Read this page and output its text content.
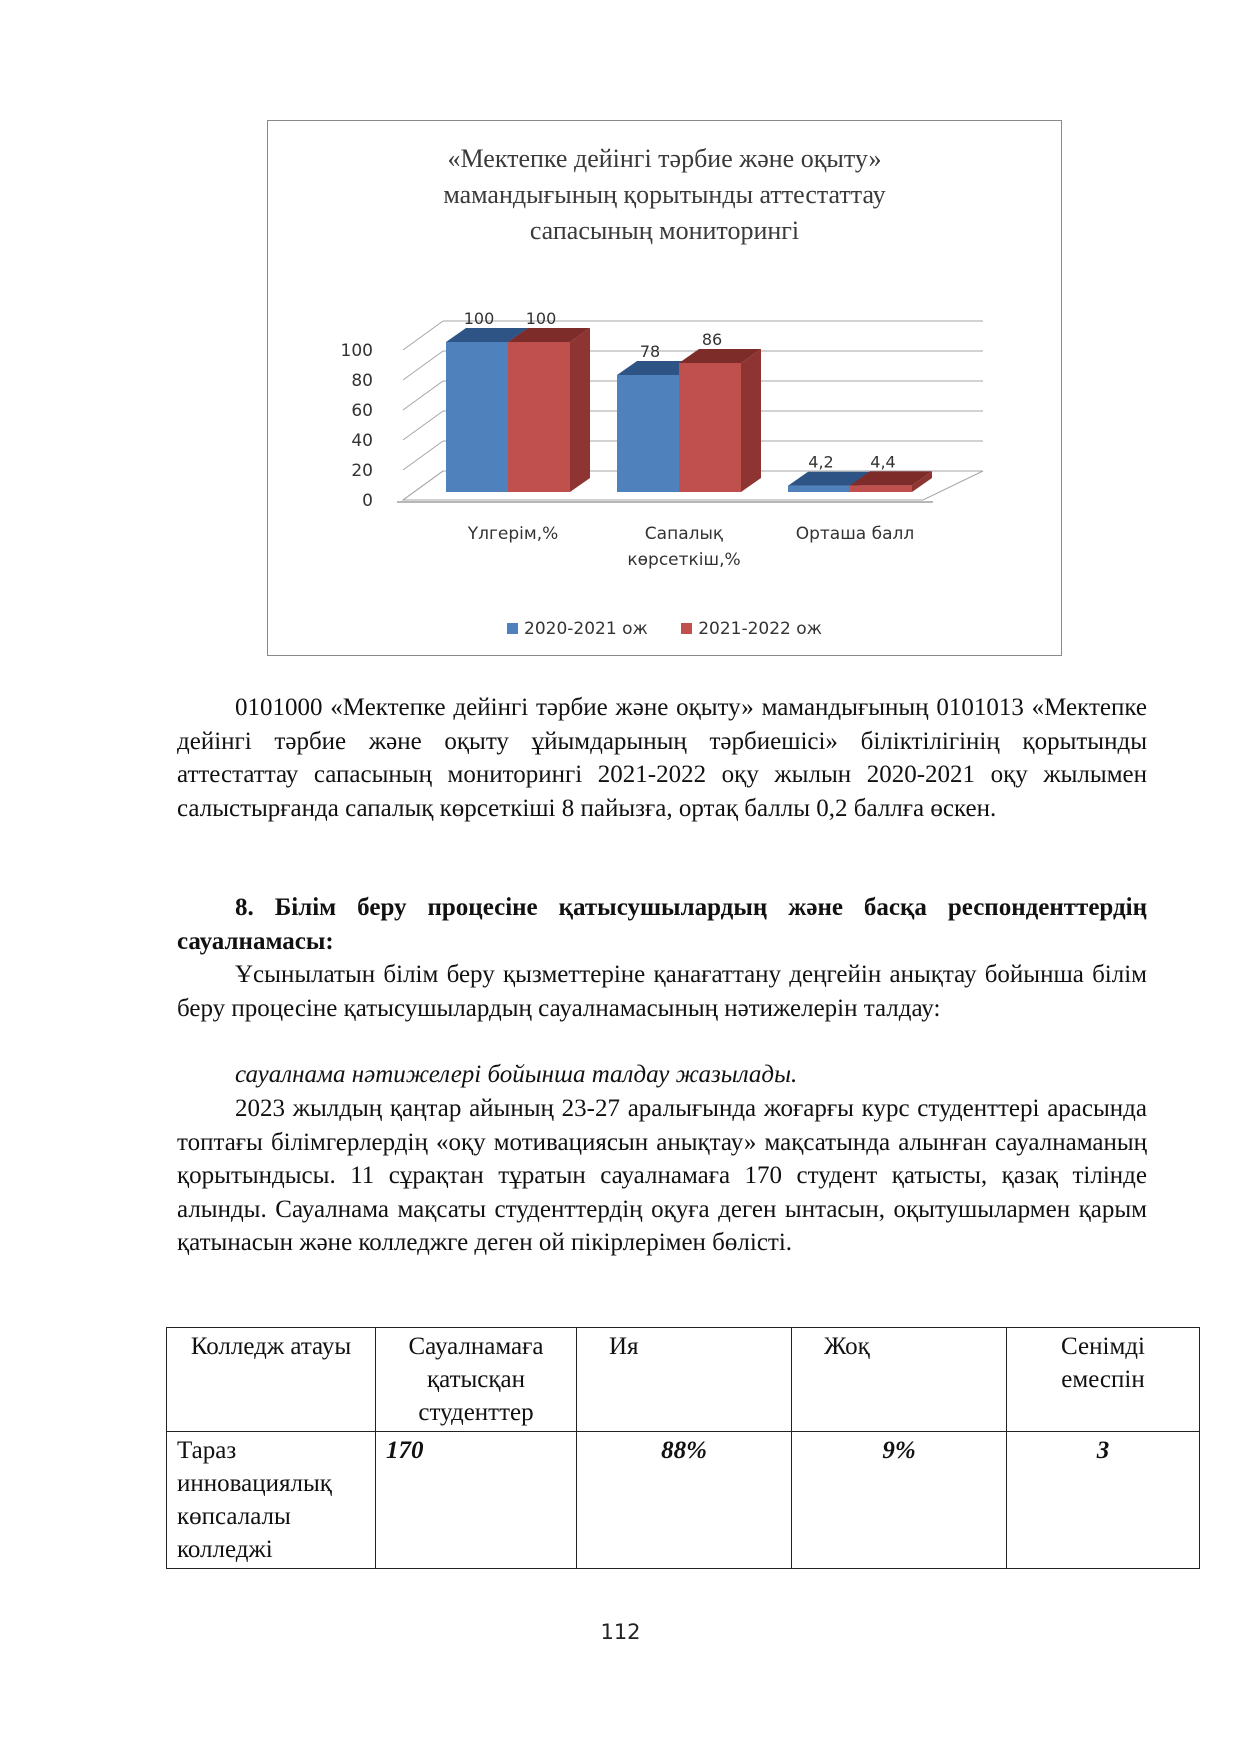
0
20
40
60
80
100
100 100
Үлгерім,%
78
86
Сапалық
көрсеткіш,%
4,2 4,4
Орташа балл
«Мектепке дейінгі тәрбие және оқыту»
мамандығының қорытынды аттестаттау
сапасының мониторингі
2020-2021 ож	2021-2022 ож

0101000 «Мектепке дейінгі тәрбие және оқыту» мамандығының 0101013 «Мектепке дейінгі тәрбие және оқыту ұйымдарының тәрбиешісі» біліктілігінің қорытынды аттестаттау сапасының мониторингі 2021-2022 оқу жылын 2020-2021 оқу жылымен салыстырғанда сапалық көрсеткіші 8 пайызға, ортақ баллы 0,2 баллға өскен.

8. Білім беру процесіне қатысушылардың және басқа респонденттердің сауалнамасы:

Ұсынылатын білім беру қызметтеріне қанағаттану деңгейін анықтау бойынша білім беру процесіне қатысушылардың сауалнамасының нәтижелерін талдау:

сауалнама нәтижелері бойынша талдау жазылады.

2023 жылдың қаңтар айының 23-27 аралығында жоғарғы курс студенттері арасында топтағы білімгерлердің «оқу мотивациясын анықтау» мақсатында алынған сауалнаманың қорытындысы. 11 сұрақтан тұратын сауалнамаға 170 студент қатысты, қазақ тілінде алынды. Сауалнама мақсаты студенттердің оқуға деген ынтасын, оқытушылармен қарым қатынасын және колледжге деген ой пікірлерімен бөлісті.

Колледж атауы	Сауалнамаға қатысқан студенттер	Ия	Жоқ	Сенімді емеспін
Тараз инновациялық көпсалалы колледжі	170	88%	9%	3
112
